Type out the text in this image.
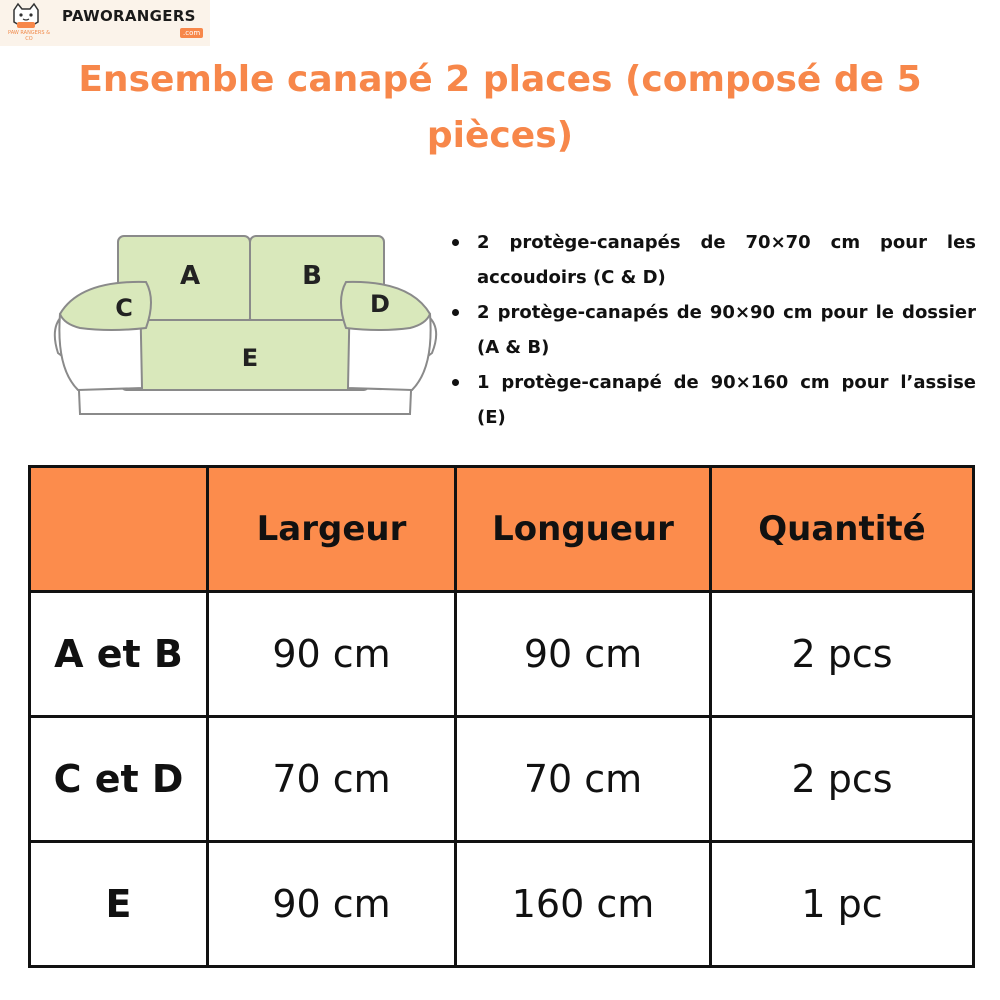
PAW RANGERS & CO
PAWORANGERS
.com
Ensemble canapé 2 places (composé de 5 pièces)
A	B
C	D
E
2 protège-canapés de 70×70 cm pour les accoudoirs (C & D)
2 protège-canapés de 90×90 cm pour le dossier (A & B)
1 protège-canapé de 90×160 cm pour l’assise (E)
	Largeur	Longueur	Quantité
A et B	90 cm	90 cm	2 pcs
C et D	70 cm	70 cm	2 pcs
E	90 cm	160 cm	1 pc
